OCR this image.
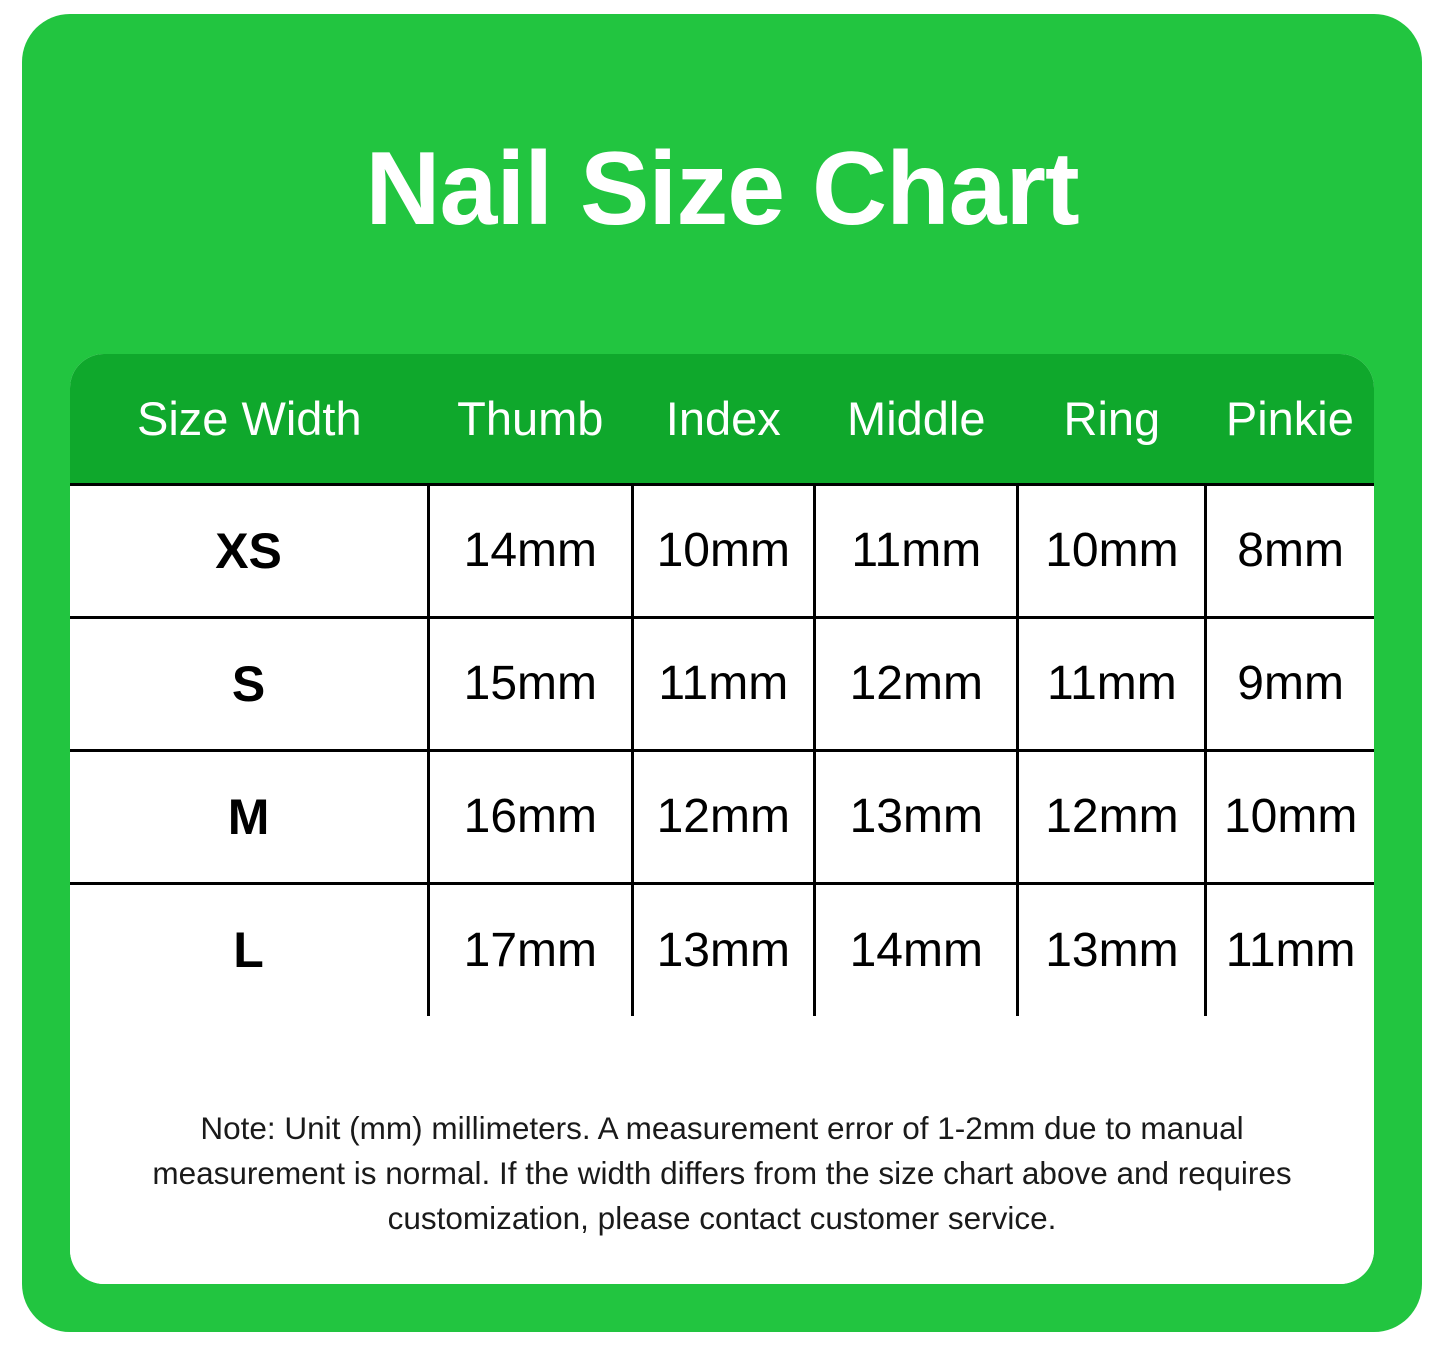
Nail Size Chart
Size Width	Thumb	Index	Middle	Ring	Pinkie
XS	14mm	10mm	11mm	10mm	8mm
S	15mm	11mm	12mm	11mm	9mm
M	16mm	12mm	13mm	12mm	10mm
L	17mm	13mm	14mm	13mm	11mm
Note: Unit (mm) millimeters. A measurement error of 1-2mm due to manual measurement is normal. If the width differs from the size chart above and requires customization, please contact customer service.
